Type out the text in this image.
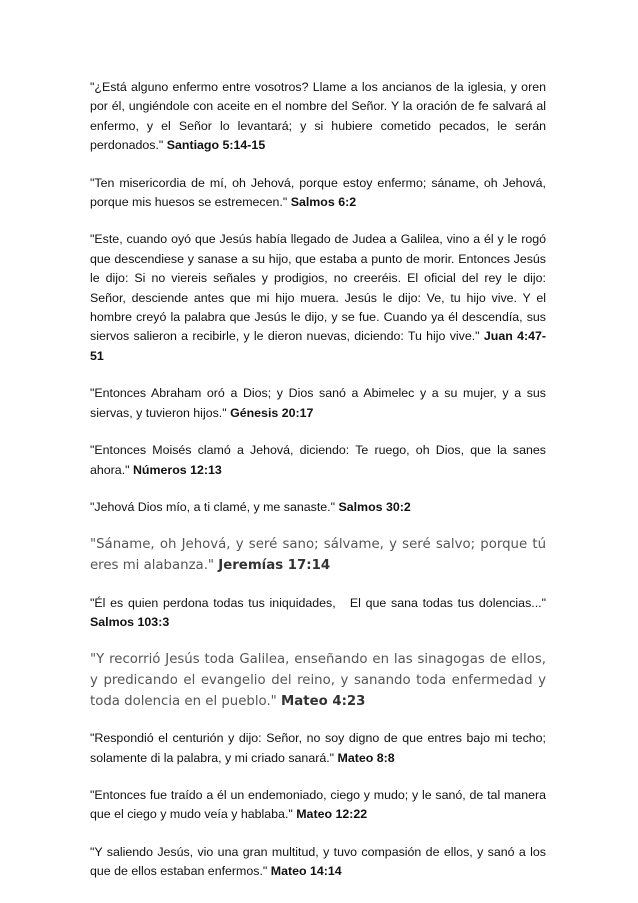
"¿Está alguno enfermo entre vosotros? Llame a los ancianos de la iglesia, y oren por él, ungiéndole con aceite en el nombre del Señor. Y la oración de fe salvará al enfermo, y el Señor lo levantará; y si hubiere cometido pecados, le serán perdonados." Santiago 5:14-15

"Ten misericordia de mí, oh Jehová, porque estoy enfermo; sáname, oh Jehová, porque mis huesos se estremecen." Salmos 6:2

"Este, cuando oyó que Jesús había llegado de Judea a Galilea, vino a él y le rogó que descendiese y sanase a su hijo, que estaba a punto de morir. Entonces Jesús le dijo: Si no viereis señales y prodigios, no creeréis. El oficial del rey le dijo: Señor, desciende antes que mi hijo muera. Jesús le dijo: Ve, tu hijo vive. Y el hombre creyó la palabra que Jesús le dijo, y se fue. Cuando ya él descendía, sus siervos salieron a recibirle, y le dieron nuevas, diciendo: Tu hijo vive." Juan 4:47-51

"Entonces Abraham oró a Dios; y Dios sanó a Abimelec y a su mujer, y a sus siervas, y tuvieron hijos." Génesis 20:17

"Entonces Moisés clamó a Jehová, diciendo: Te ruego, oh Dios, que la sanes ahora." Números 12:13

"Jehová Dios mío, a ti clamé, y me sanaste." Salmos 30:2

"Sáname, oh Jehová, y seré sano; sálvame, y seré salvo; porque tú eres mi alabanza." Jeremías 17:14

"Él es quien perdona todas tus iniquidades,   El que sana todas tus dolencias..." Salmos 103:3

"Y recorrió Jesús toda Galilea, enseñando en las sinagogas de ellos, y predicando el evangelio del reino, y sanando toda enfermedad y toda dolencia en el pueblo." Mateo 4:23

"Respondió el centurión y dijo: Señor, no soy digno de que entres bajo mi techo; solamente di la palabra, y mi criado sanará." Mateo 8:8

"Entonces fue traído a él un endemoniado, ciego y mudo; y le sanó, de tal manera que el ciego y mudo veía y hablaba." Mateo 12:22

"Y saliendo Jesús, vio una gran multitud, y tuvo compasión de ellos, y sanó a los que de ellos estaban enfermos." Mateo 14:14
